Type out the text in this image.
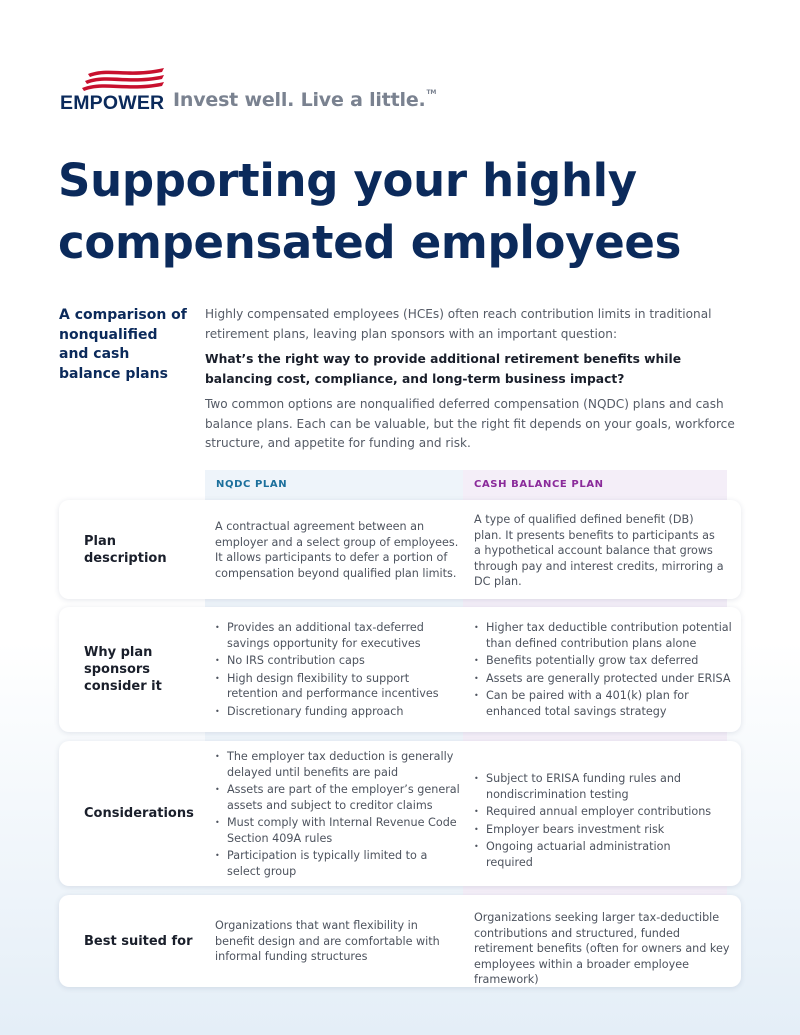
EMPOWER Invest well. Live a little.™
Supporting your highly
compensated employees
A comparison of nonqualified and cash balance plans

Highly compensated employees (HCEs) often reach contribution limits in traditional retirement plans, leaving plan sponsors with an important question:

What’s the right way to provide additional retirement benefits while balancing cost, compliance, and long-term business impact?

Two common options are nonqualified deferred compensation (NQDC) plans and cash balance plans. Each can be valuable, but the right fit depends on your goals, workforce structure, and appetite for funding and risk.

NQDC PLAN	CASH BALANCE PLAN
Plan description
A contractual agreement between an employer and a select group of employees. It allows participants to defer a portion of compensation beyond qualified plan limits.
A type of qualified defined benefit (DB) plan. It presents benefits to participants as a hypothetical account balance that grows through pay and interest credits, mirroring a DC plan.
Why plan sponsors consider it
• Provides an additional tax-deferred savings opportunity for executives
• No IRS contribution caps
• High design flexibility to support retention and performance incentives
• Discretionary funding approach
• Higher tax deductible contribution potential than defined contribution plans alone
• Benefits potentially grow tax deferred
• Assets are generally protected under ERISA
• Can be paired with a 401(k) plan for enhanced total savings strategy
Considerations
• The employer tax deduction is generally delayed until benefits are paid
• Assets are part of the employer’s general assets and subject to creditor claims
• Must comply with Internal Revenue Code Section 409A rules
• Participation is typically limited to a select group
• Subject to ERISA funding rules and nondiscrimination testing
• Required annual employer contributions
• Employer bears investment risk
• Ongoing actuarial administration required
Best suited for
Organizations that want flexibility in benefit design and are comfortable with informal funding structures
Organizations seeking larger tax-deductible contributions and structured, funded retirement benefits (often for owners and key employees within a broader employee framework)
